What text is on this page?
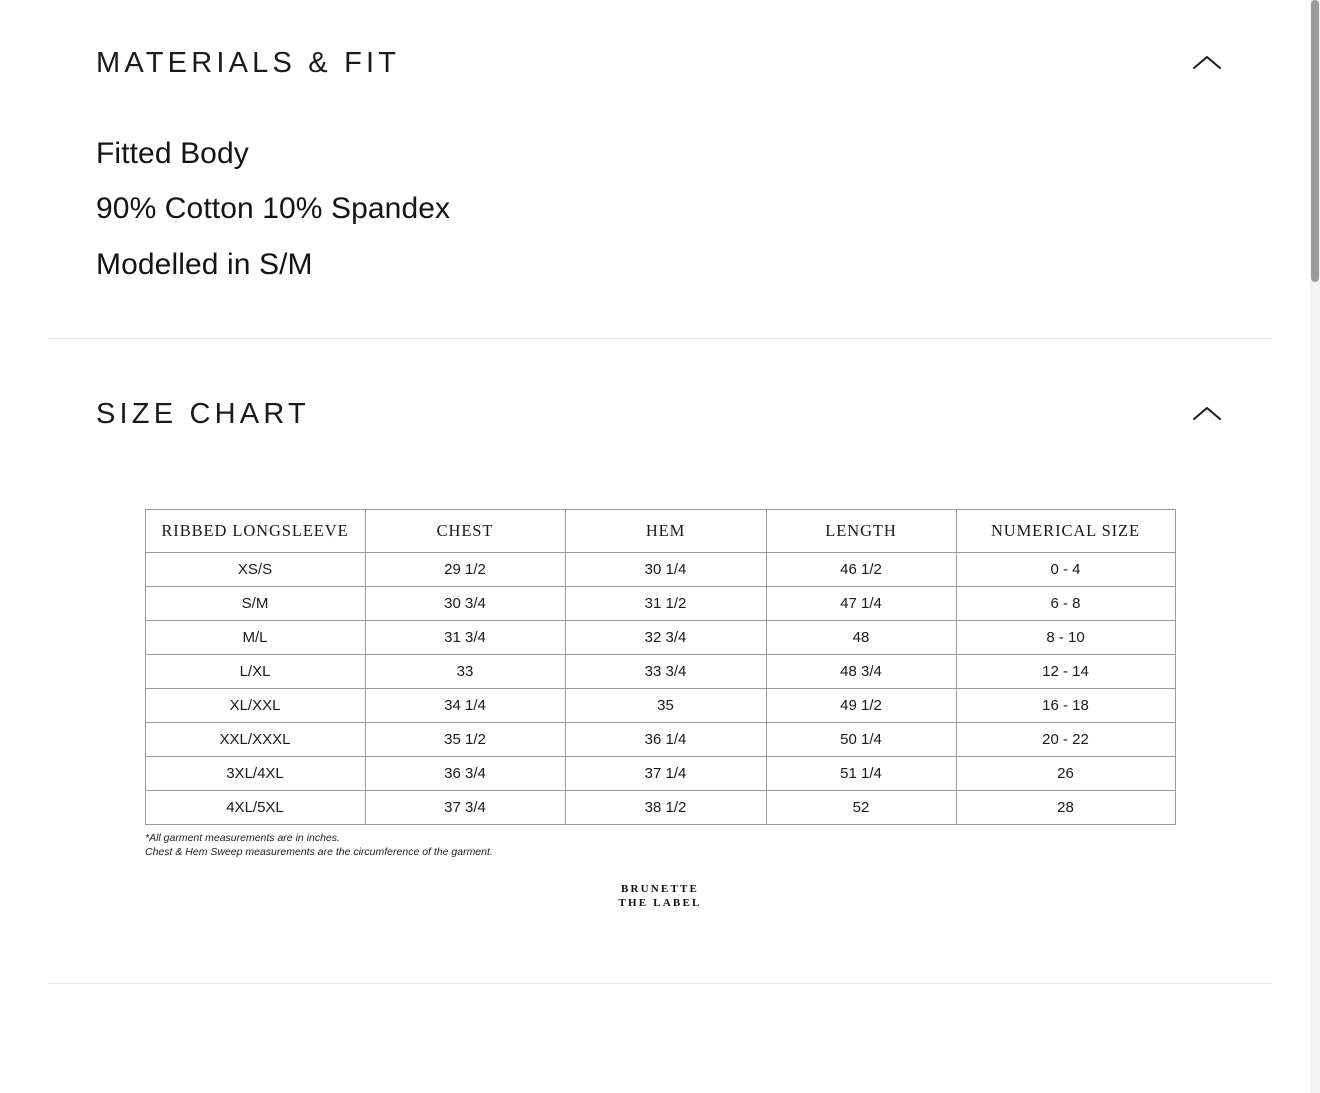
MATERIALS & FIT

Fitted Body

90% Cotton 10% Spandex

Modelled in S/M

SIZE CHART
RIBBED LONGSLEEVE	CHEST	HEM	LENGTH	NUMERICAL SIZE
XS/S	29 1/2	30 1/4	46 1/2	0 - 4
S/M	30 3/4	31 1/2	47 1/4	6 - 8
M/L	31 3/4	32 3/4	48	8 - 10
L/XL	33	33 3/4	48 3/4	12 - 14
XL/XXL	34 1/4	35	49 1/2	16 - 18
XXL/XXXL	35 1/2	36 1/4	50 1/4	20 - 22
3XL/4XL	36 3/4	37 1/4	51 1/4	26
4XL/5XL	37 3/4	38 1/2	52	28
*All garment measurements are in inches.
Chest & Hem Sweep measurements are the circumference of the garment.
BRUNETTE
THE LABEL
